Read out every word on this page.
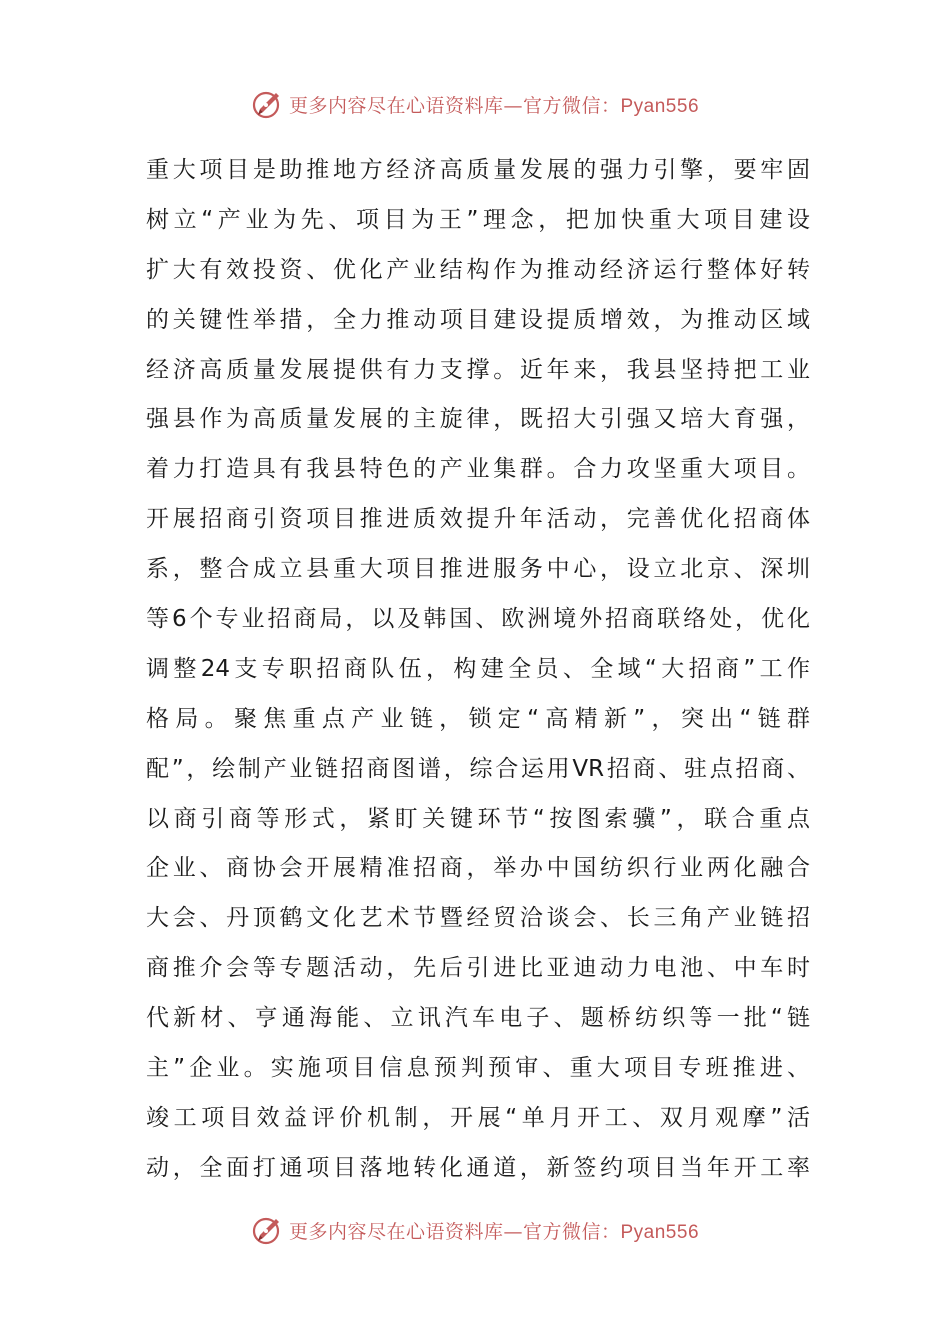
更多内容尽在心语资料库—官方微信：Pyan556
重大项目是助推地方经济高质量发展的强力引擎，要牢固
树立“产业为先、项目为王”理念，把加快重大项目建设
扩大有效投资、优化产业结构作为推动经济运行整体好转
的关键性举措，全力推动项目建设提质增效，为推动区域
经济高质量发展提供有力支撑。近年来，我县坚持把工业
强县作为高质量发展的主旋律，既招大引强又培大育强，
着力打造具有我县特色的产业集群。合力攻坚重大项目。
开展招商引资项目推进质效提升年活动，完善优化招商体
系，整合成立县重大项目推进服务中心，设立北京、深圳
等6个专业招商局，以及韩国、欧洲境外招商联络处，优化
调整24支专职招商队伍，构建全员、全域“大招商”工作
格局。聚焦重点产业链，锁定“高精新”，突出“链群
配”，绘制产业链招商图谱，综合运用VR招商、驻点招商、
以商引商等形式，紧盯关键环节“按图索骥”，联合重点
企业、商协会开展精准招商，举办中国纺织行业两化融合
大会、丹顶鹤文化艺术节暨经贸洽谈会、长三角产业链招
商推介会等专题活动，先后引进比亚迪动力电池、中车时
代新材、亨通海能、立讯汽车电子、题桥纺织等一批“链
主”企业。实施项目信息预判预审、重大项目专班推进、
竣工项目效益评价机制，开展“单月开工、双月观摩”活
动，全面打通项目落地转化通道，新签约项目当年开工率
更多内容尽在心语资料库—官方微信：Pyan556
